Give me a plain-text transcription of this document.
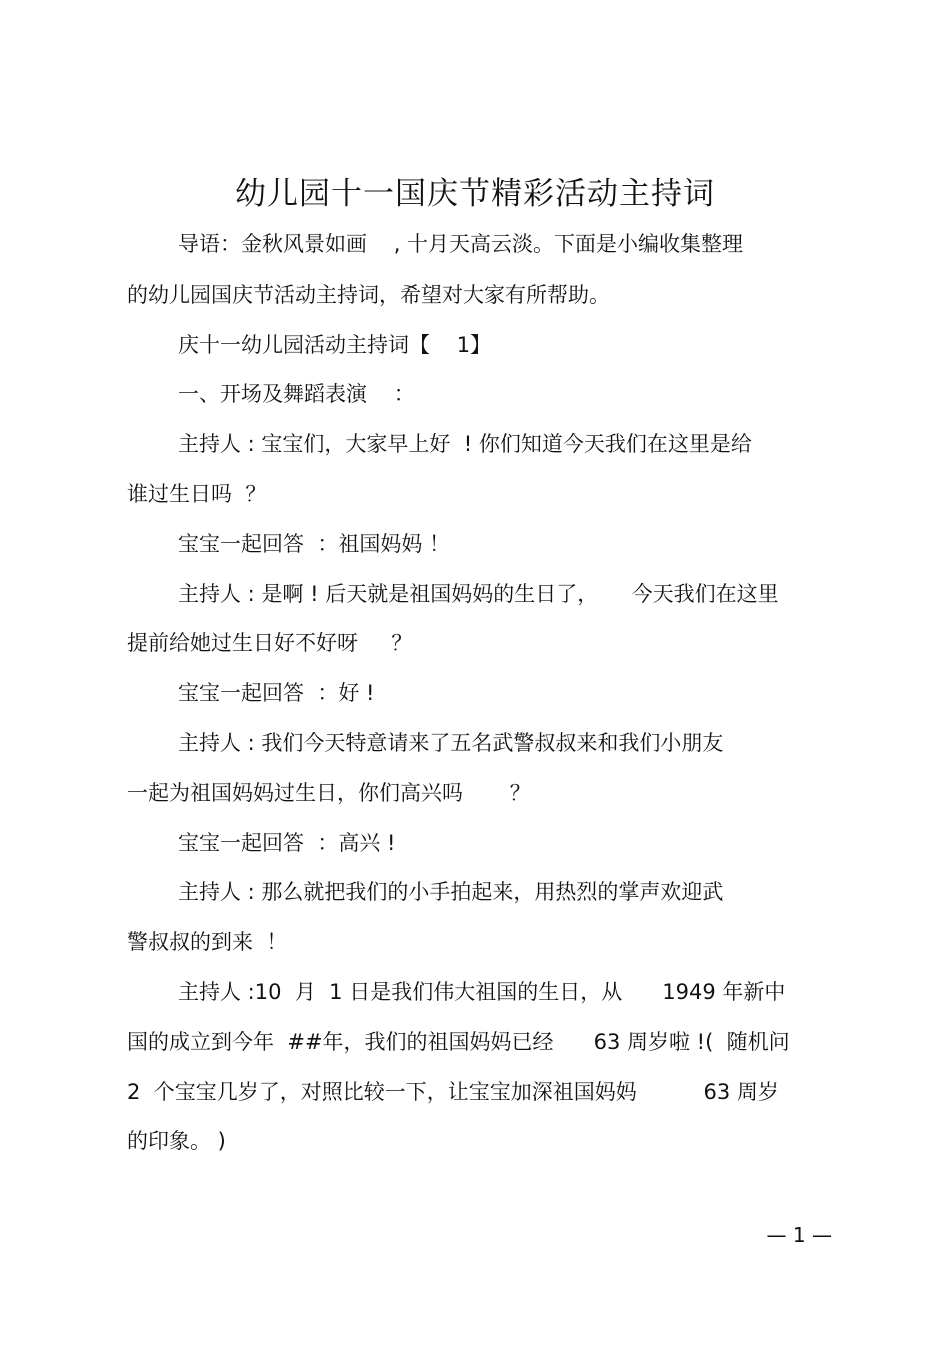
幼儿园十一国庆节精彩活动主持词
导语：金秋风景如画    , 十月天高云淡。下面是小编收集整理
的幼儿园国庆节活动主持词，希望对大家有所帮助。
庆十一幼儿园活动主持词【    1】
一、开场及舞蹈表演    ：
主持人 : 宝宝们，大家早上好  ! 你们知道今天我们在这里是给
谁过生日吗  ？
宝宝一起回答  ：祖国妈妈 ！
主持人 : 是啊 ! 后天就是祖国妈妈的生日了，     今天我们在这里
提前给她过生日好不好呀     ？
宝宝一起回答  ：好 !
主持人 : 我们今天特意请来了五名武警叔叔来和我们小朋友
一起为祖国妈妈过生日，你们高兴吗       ？
宝宝一起回答  ：高兴 !
主持人 : 那么就把我们的小手拍起来，用热烈的掌声欢迎武
警叔叔的到来  ！
主持人 :10  月  1 日是我们伟大祖国的生日，从      1949 年新中
国的成立到今年  ##年，我们的祖国妈妈已经      63 周岁啦 !(  随机问
2  个宝宝几岁了，对照比较一下，让宝宝加深祖国妈妈          63 周岁
的印象。 )
— 1 —
